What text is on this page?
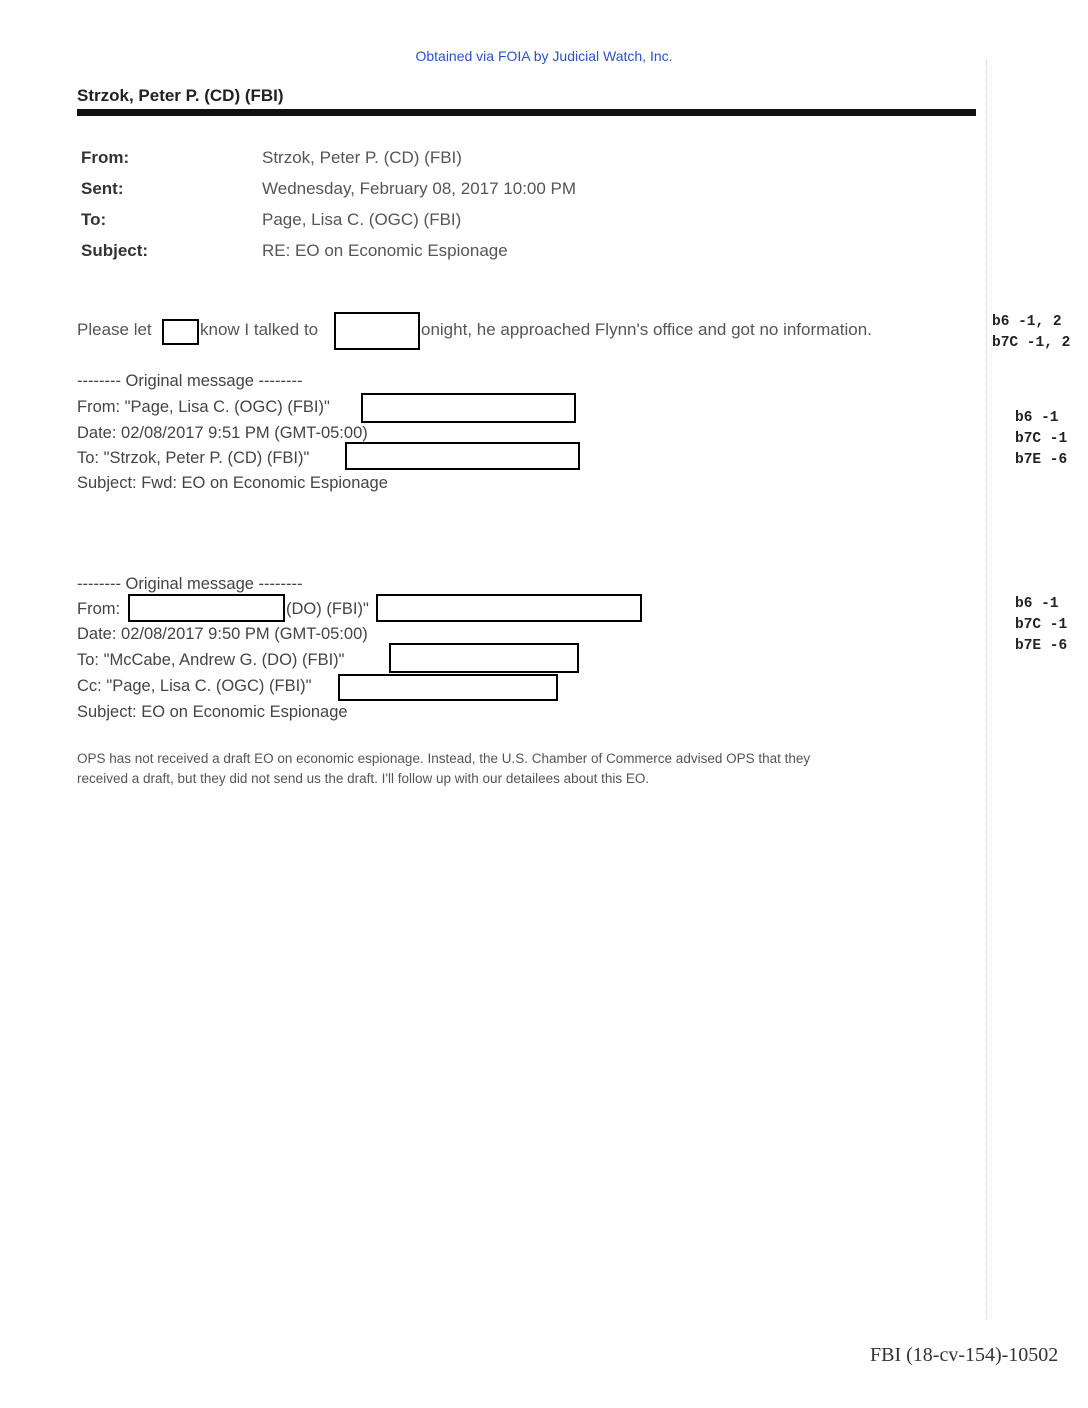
Obtained via FOIA by Judicial Watch, Inc.
Strzok, Peter P. (CD) (FBI)
From:	Strzok, Peter P. (CD) (FBI)
Sent:	Wednesday, February 08, 2017 10:00 PM
To:	Page, Lisa C. (OGC) (FBI)
Subject:	RE: EO on Economic Espionage
Please let	know I talked to	onight, he approached Flynn's office and got no information.	b6 -1, 2
b7C -1, 2
-------- Original message --------
From: "Page, Lisa C. (OGC) (FBI)"
Date: 02/08/2017 9:51 PM (GMT-05:00)
To: "Strzok, Peter P. (CD) (FBI)"
Subject: Fwd: EO on Economic Espionage
b6 -1
b7C -1
b7E -6
-------- Original message --------
From:	(DO) (FBI)"
Date: 02/08/2017 9:50 PM (GMT-05:00)
To: "McCabe, Andrew G. (DO) (FBI)"
Cc: "Page, Lisa C. (OGC) (FBI)"
Subject: EO on Economic Espionage
b6 -1
b7C -1
b7E -6
OPS has not received a draft EO on economic espionage. Instead, the U.S. Chamber of Commerce advised OPS that they
received a draft, but they did not send us the draft. I'll follow up with our detailees about this EO.
FBI (18-cv-154)-10502
